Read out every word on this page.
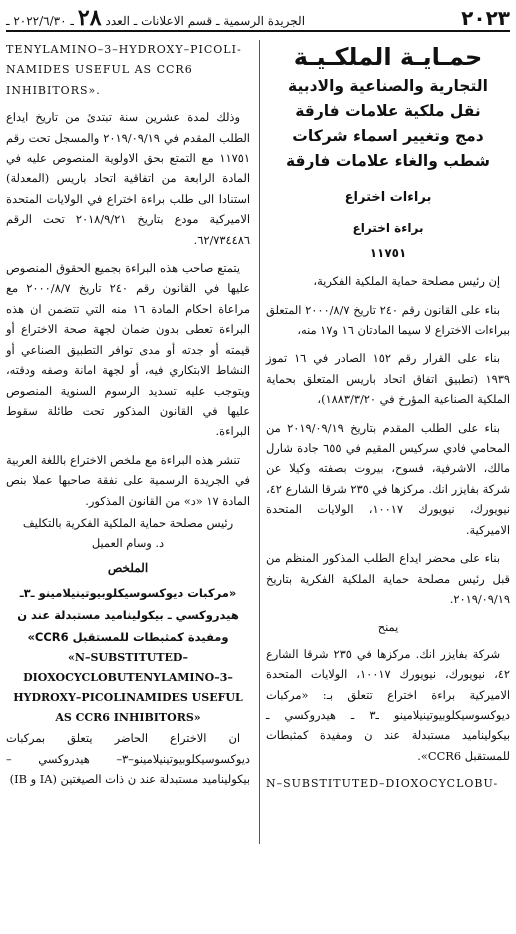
٢٠٢٣
الجريدة الرسمية ـ قسم الاعلانات ـ العدد
٢٨
ـ ٢٠٢٢/٦/٣٠ ـ
حمـايـة الملكـيـة
التجارية والصناعية والادبية
نقل ملكية علامات فارقة
دمج وتغيير اسماء شركات
شطب والغاء علامات فارقة
براءات اختراع
براءة اختراع
١١٧٥١

إن رئيس مصلحة حماية الملكية الفكرية،

بناء على القانون رقم ٢٤٠ تاريخ ٢٠٠٠/٨/٧ المتعلق ببراءات الاختراع لا سيما المادتان ١٦ و١٧ منه،

بناء على القرار رقم ١٥٢ الصادر في ١٦ تموز ١٩٣٩ (تطبيق اتفاق اتحاد باريس المتعلق بحماية الملكية الصناعية المؤرخ في ١٨٨٣/٣/٢٠)،

بناء على الطلب المقدم بتاريخ ٢٠١٩/٠٩/١٩ من المحامي فادي سركيس المقيم في ٦٥٥ جادة شارل مالك، الاشرفية، فسوح، بيروت بصفته وكيلا عن شركة بفايزر انك. مركزها في ٢٣٥ شرقا الشارع ٤٢، نيويورك، نيويورك ١٠٠١٧، الولايات المتحدة الاميركية.

بناء على محضر ايداع الطلب المذكور المنظم من قبل رئيس مصلحة حماية الملكية الفكرية بتاريخ ٢٠١٩/٠٩/١٩.

يمنح

شركة بفايزر انك. مركزها في ٢٣٥ شرقا الشارع ٤٢، نيويورك، نيويورك ١٠٠١٧، الولايات المتحدة الاميركية براءة اختراع تتعلق بـ: «مركبات ديوكسوسيكلوبيوتينيلامينو ـ٣ ـ هيدروكسي ـ بيكوليناميد مستبدلة عند ن ومفيدة كمثبطات للمستقبل CCR6».

N–SUBSTITUTED–DIOXOCYCLOBU-
TENYLAMINO–3–HYDROXY–PICOLI-NAMIDES USEFUL AS CCR6 INHIBITORS».

وذلك لمدة عشرين سنة تبتدئ من تاريخ ايداع الطلب المقدم في ٢٠١٩/٠٩/١٩ والمسجل تحت رقم ١١٧٥١ مع التمتع بحق الاولوية المنصوص عليه في المادة الرابعة من اتفاقية اتحاد باريس (المعدلة) استنادا الى طلب براءة اختراع في الولايات المتحدة الاميركية مودع بتاريخ ٢٠١٨/٩/٢١ تحت الرقم ٦٢/٧٣٤٤٨٦.

يتمتع صاحب هذه البراءة بجميع الحقوق المنصوص عليها في القانون رقم ٢٤٠ تاريخ ٢٠٠٠/٨/٧ مع مراعاة احكام المادة ١٦ منه التي تتضمن ان هذه البراءة تعطى بدون ضمان لجهة صحة الاختراع أو قيمته أو جدته أو مدى توافر التطبيق الصناعي أو النشاط الابتكاري فيه، أو لجهة امانة وصفه ودقته، ويتوجب عليه تسديد الرسوم السنوية المنصوص عليها في القانون المذكور تحت طائلة سقوط البراءة.

تنشر هذه البراءة مع ملخص الاختراع باللغة العربية في الجريدة الرسمية على نفقة صاحبها عملا بنص المادة ١٧ «د» من القانون المذكور.

رئيس مصلحة حماية الملكية الفكرية بالتكليف
د. وسام العميل
الملخص
«مركبات ديوكسوسيكلوبيوتينيلامينو ـ٣ـ هيدروكسي ـ بيكوليناميد مستبدلة عند ن ومفيدة كمثبطات للمستقبل CCR6»
«N–SUBSTITUTED–DIOXOCYCLOBUTENYLAMINO–3–HYDROXY–PICOLINAMIDES USEFUL AS CCR6 INHIBITORS»

ان الاختراع الحاضر يتعلق بمركبات ديوكسوسيكلوبيوتينيلامينو–٣– هيدروكسي – بيكوليناميد مستبدلة عند ن ذات الصيغتين (IA و IB)
